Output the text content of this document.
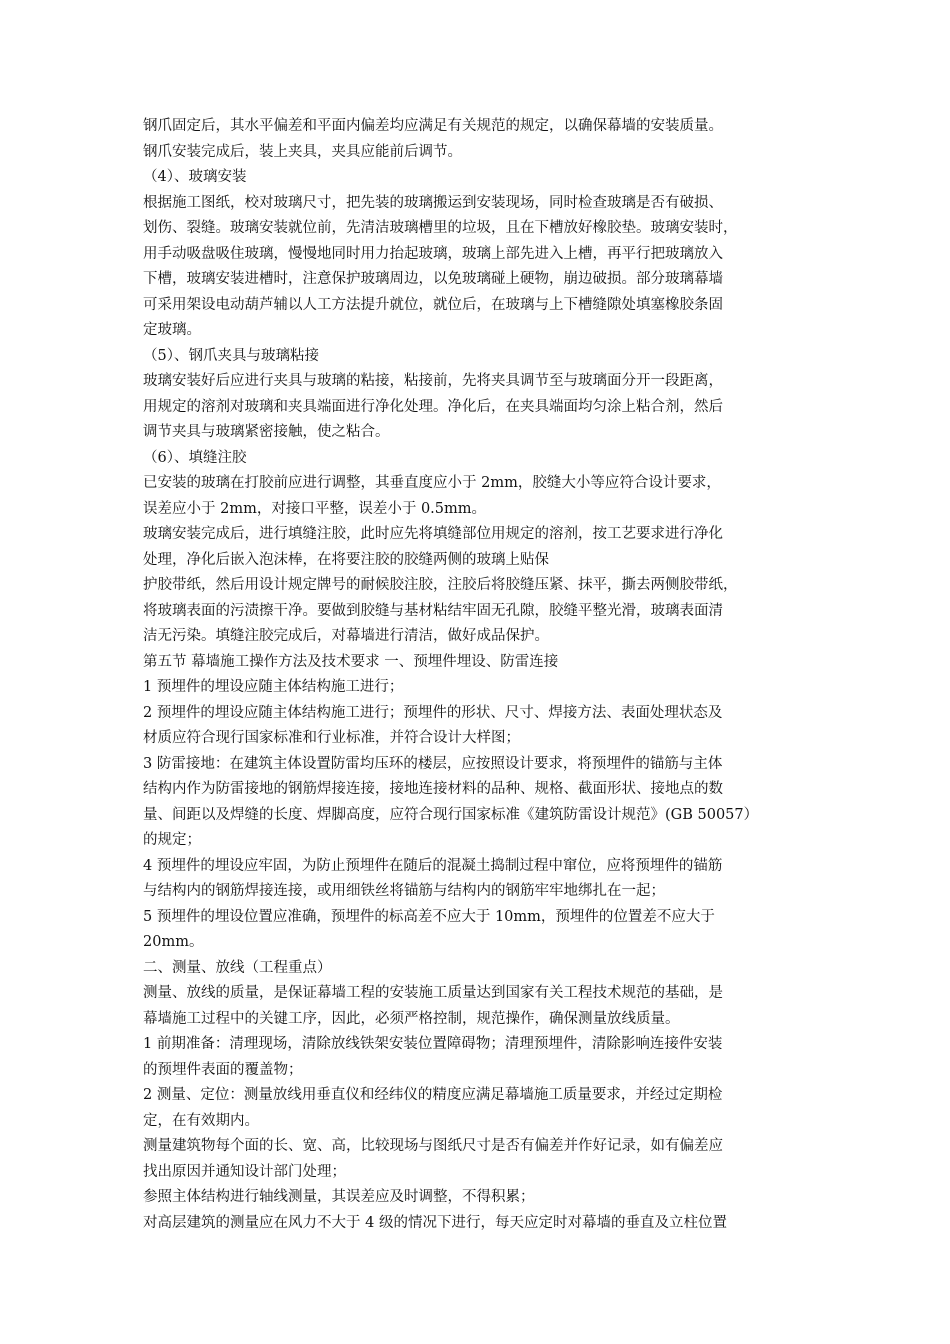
钢爪固定后，其水平偏差和平面内偏差均应满足有关规范的规定，以确保幕墙的安装质量。
钢爪安装完成后，装上夹具，夹具应能前后调节。
（4）、玻璃安装
根据施工图纸，校对玻璃尺寸，把先装的玻璃搬运到安装现场，同时检查玻璃是否有破损、
划伤、裂缝。玻璃安装就位前，先清洁玻璃槽里的垃圾，且在下槽放好橡胶垫。玻璃安装时，
用手动吸盘吸住玻璃，慢慢地同时用力抬起玻璃，玻璃上部先进入上槽，再平行把玻璃放入
下槽，玻璃安装进槽时，注意保护玻璃周边，以免玻璃碰上硬物，崩边破损。部分玻璃幕墙
可采用架设电动葫芦辅以人工方法提升就位，就位后，在玻璃与上下槽缝隙处填塞橡胶条固
定玻璃。
（5）、钢爪夹具与玻璃粘接
玻璃安装好后应进行夹具与玻璃的粘接，粘接前，先将夹具调节至与玻璃面分开一段距离，
用规定的溶剂对玻璃和夹具端面进行净化处理。净化后，在夹具端面均匀涂上粘合剂，然后
调节夹具与玻璃紧密接触，使之粘合。
（6）、填缝注胶
已安装的玻璃在打胶前应进行调整，其垂直度应小于 2mm，胶缝大小等应符合设计要求，
误差应小于 2mm，对接口平整，误差小于 0.5mm。
玻璃安装完成后，进行填缝注胶，此时应先将填缝部位用规定的溶剂，按工艺要求进行净化
处理，净化后嵌入泡沫棒，在将要注胶的胶缝两侧的玻璃上贴保
护胶带纸，然后用设计规定牌号的耐候胶注胶，注胶后将胶缝压紧、抹平，撕去两侧胶带纸，
将玻璃表面的污渍擦干净。要做到胶缝与基材粘结牢固无孔隙，胶缝平整光滑，玻璃表面清
洁无污染。填缝注胶完成后，对幕墙进行清洁，做好成品保护。
第五节 幕墙施工操作方法及技术要求 一、预埋件埋设、防雷连接
1 预埋件的埋设应随主体结构施工进行；
2 预埋件的埋设应随主体结构施工进行；预埋件的形状、尺寸、焊接方法、表面处理状态及
材质应符合现行国家标准和行业标准，并符合设计大样图；
3 防雷接地：在建筑主体设置防雷均压环的楼层，应按照设计要求，将预埋件的锚筋与主体
结构内作为防雷接地的钢筋焊接连接，接地连接材料的品种、规格、截面形状、接地点的数
量、间距以及焊缝的长度、焊脚高度，应符合现行国家标准《建筑防雷设计规范》(GB 50057）
的规定；
4 预埋件的埋设应牢固，为防止预埋件在随后的混凝土捣制过程中窜位，应将预埋件的锚筋
与结构内的钢筋焊接连接，或用细铁丝将锚筋与结构内的钢筋牢牢地绑扎在一起；
5 预埋件的埋设位置应准确，预埋件的标高差不应大于 10mm，预埋件的位置差不应大于
20mm。
二、测量、放线（工程重点）
测量、放线的质量，是保证幕墙工程的安装施工质量达到国家有关工程技术规范的基础，是
幕墙施工过程中的关键工序，因此，必须严格控制，规范操作，确保测量放线质量。
1 前期准备：清理现场，清除放线铁架安装位置障碍物；清理预埋件，清除影响连接件安装
的预埋件表面的覆盖物；
2 测量、定位：测量放线用垂直仪和经纬仪的精度应满足幕墙施工质量要求，并经过定期检
定，在有效期内。
测量建筑物每个面的长、宽、高，比较现场与图纸尺寸是否有偏差并作好记录，如有偏差应
找出原因并通知设计部门处理；
参照主体结构进行轴线测量，其误差应及时调整，不得积累；
对高层建筑的测量应在风力不大于 4 级的情况下进行，每天应定时对幕墙的垂直及立柱位置
